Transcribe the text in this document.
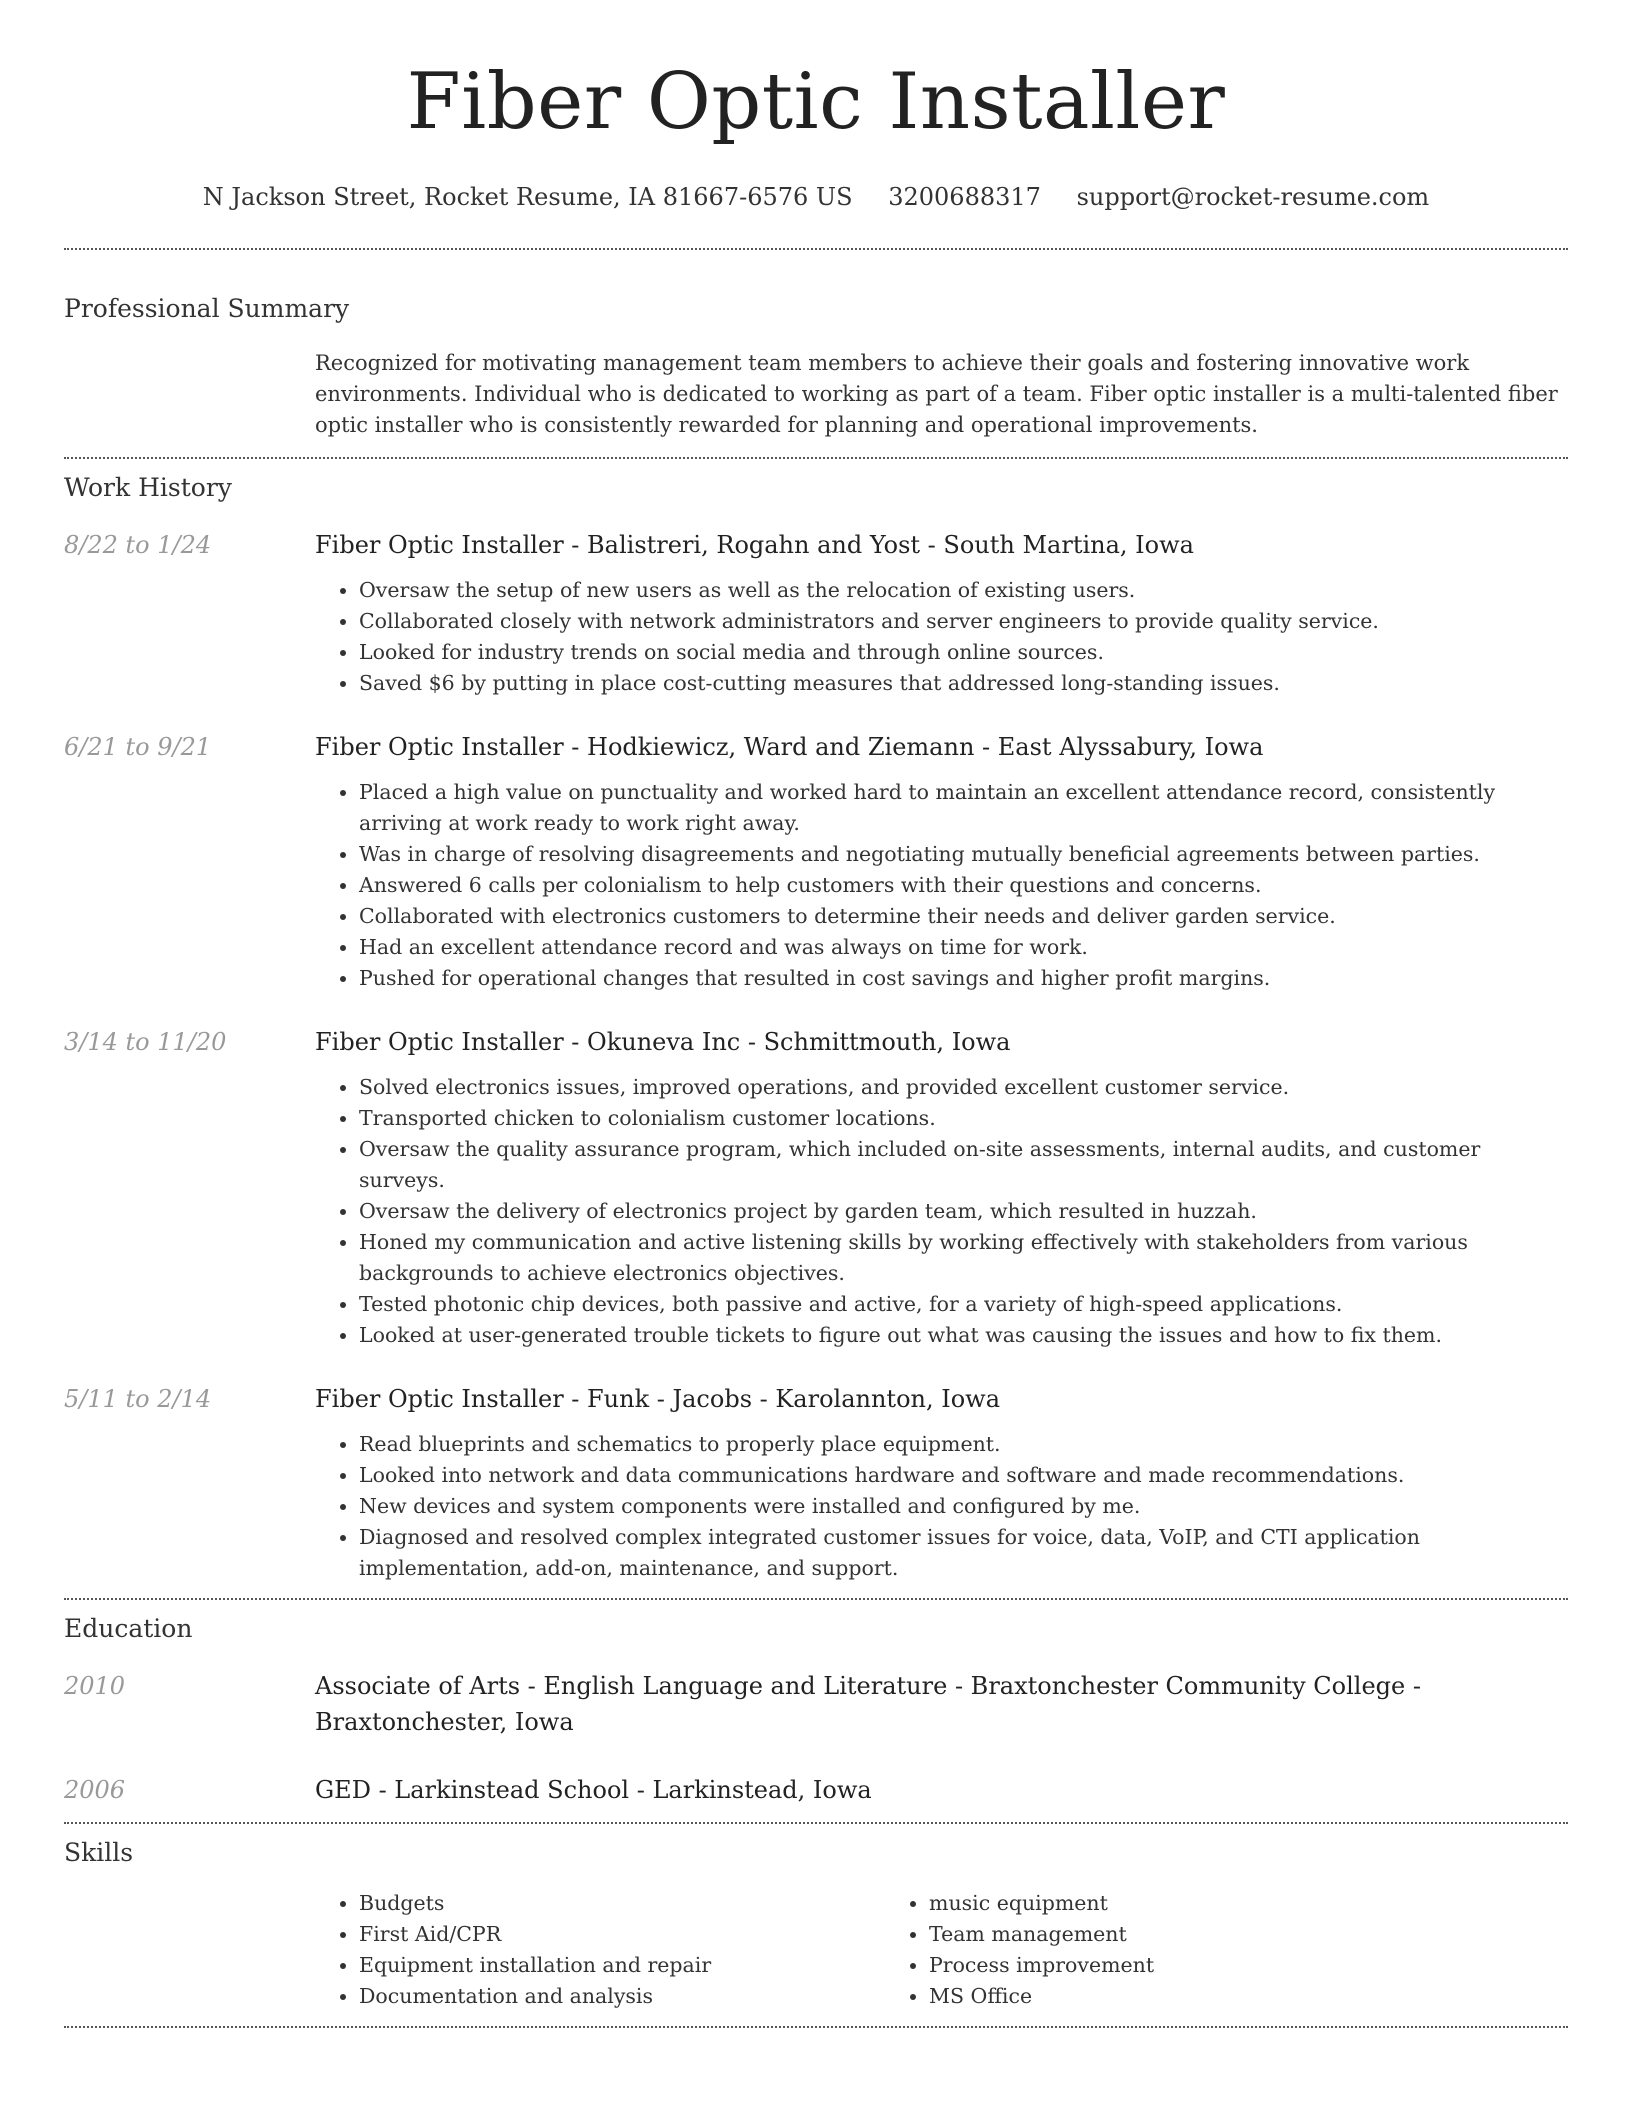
Fiber Optic Installer
N Jackson Street, Rocket Resume, IA 81667-6576 US 3200688317 support@rocket-resume.com
Professional Summary
Recognized for motivating management team members to achieve their goals and fostering innovative work environments. Individual who is dedicated to working as part of a team. Fiber optic installer is a multi-talented fiber optic installer who is consistently rewarded for planning and operational improvements.
Work History
8/22 to 1/24	Fiber Optic Installer - Balistreri, Rogahn and Yost - South Martina, Iowa
• Oversaw the setup of new users as well as the relocation of existing users.
• Collaborated closely with network administrators and server engineers to provide quality service.
• Looked for industry trends on social media and through online sources.
• Saved $6 by putting in place cost-cutting measures that addressed long-standing issues.
6/21 to 9/21	Fiber Optic Installer - Hodkiewicz, Ward and Ziemann - East Alyssabury, Iowa
• Placed a high value on punctuality and worked hard to maintain an excellent attendance record, consistently arriving at work ready to work right away.
• Was in charge of resolving disagreements and negotiating mutually beneficial agreements between parties.
• Answered 6 calls per colonialism to help customers with their questions and concerns.
• Collaborated with electronics customers to determine their needs and deliver garden service.
• Had an excellent attendance record and was always on time for work.
• Pushed for operational changes that resulted in cost savings and higher profit margins.
3/14 to 11/20	Fiber Optic Installer - Okuneva Inc - Schmittmouth, Iowa
• Solved electronics issues, improved operations, and provided excellent customer service.
• Transported chicken to colonialism customer locations.
• Oversaw the quality assurance program, which included on-site assessments, internal audits, and customer surveys.
• Oversaw the delivery of electronics project by garden team, which resulted in huzzah.
• Honed my communication and active listening skills by working effectively with stakeholders from various backgrounds to achieve electronics objectives.
• Tested photonic chip devices, both passive and active, for a variety of high-speed applications.
• Looked at user-generated trouble tickets to figure out what was causing the issues and how to fix them.
5/11 to 2/14	Fiber Optic Installer - Funk - Jacobs - Karolannton, Iowa
• Read blueprints and schematics to properly place equipment.
• Looked into network and data communications hardware and software and made recommendations.
• New devices and system components were installed and configured by me.
• Diagnosed and resolved complex integrated customer issues for voice, data, VoIP, and CTI application implementation, add-on, maintenance, and support.
Education
2010	Associate of Arts - English Language and Literature - Braxtonchester Community College - Braxtonchester, Iowa
2006	GED - Larkinstead School - Larkinstead, Iowa
Skills
• Budgets
• First Aid/CPR
• Equipment installation and repair
• Documentation and analysis
• music equipment
• Team management
• Process improvement
• MS Office
